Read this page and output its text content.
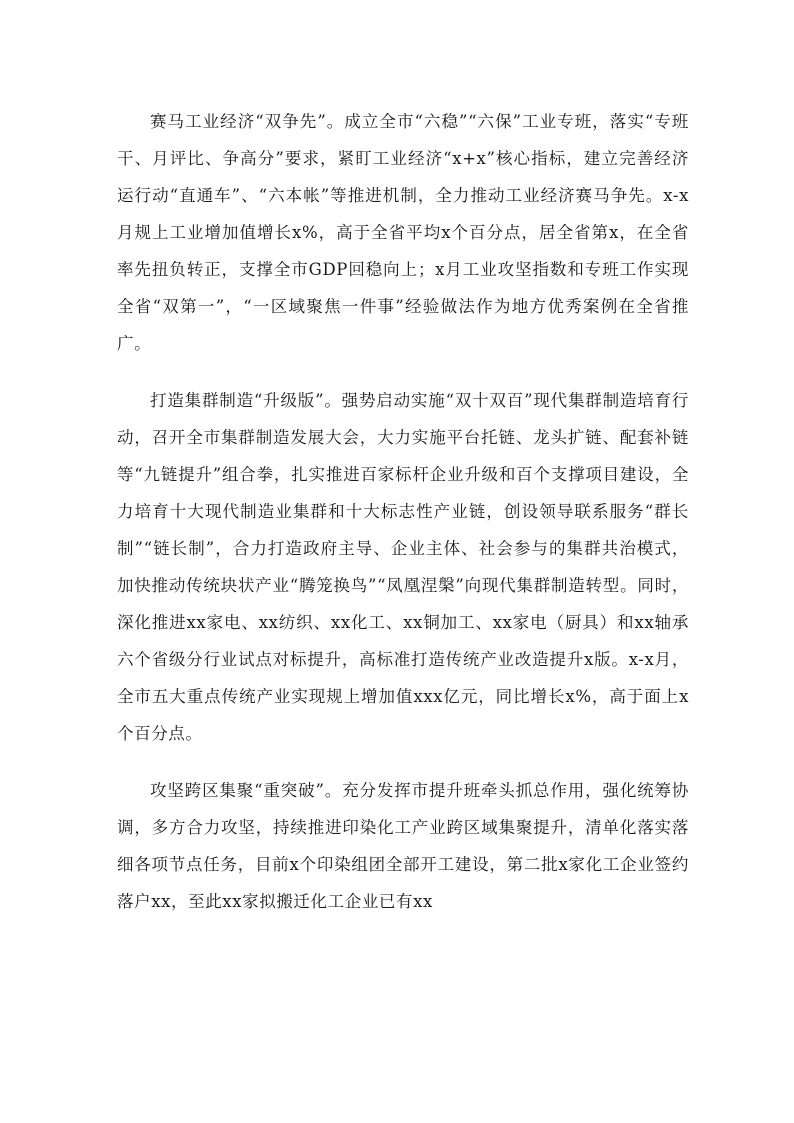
赛马工业经济“双争先”。成立全市“六稳”“六保”工业专班，落实“专班干、月评比、争高分”要求，紧盯工业经济“x+x”核心指标，建立完善经济运行动“直通车”、“六本帐”等推进机制，全力推动工业经济赛马争先。x-x月规上工业增加值增长x%，高于全省平均x个百分点，居全省第x，在全省率先扭负转正，支撑全市GDP回稳向上；x月工业攻坚指数和专班工作实现全省“双第一”，“一区域聚焦一件事”经验做法作为地方优秀案例在全省推广。

打造集群制造“升级版”。强势启动实施“双十双百”现代集群制造培育行动，召开全市集群制造发展大会，大力实施平台托链、龙头扩链、配套补链等“九链提升”组合拳，扎实推进百家标杆企业升级和百个支撑项目建设，全力培育十大现代制造业集群和十大标志性产业链，创设领导联系服务“群长制”“链长制”，合力打造政府主导、企业主体、社会参与的集群共治模式，加快推动传统块状产业“腾笼换鸟”“凤凰涅槃”向现代集群制造转型。同时，深化推进xx家电、xx纺织、xx化工、xx铜加工、xx家电（厨具）和xx轴承六个省级分行业试点对标提升，高标准打造传统产业改造提升x版。x-x月，全市五大重点传统产业实现规上增加值xxx亿元，同比增长x%，高于面上x个百分点。

攻坚跨区集聚“重突破”。充分发挥市提升班牵头抓总作用，强化统筹协调，多方合力攻坚，持续推进印染化工产业跨区域集聚提升，清单化落实落细各项节点任务，目前x个印染组团全部开工建设，第二批x家化工企业签约落户xx，至此xx家拟搬迁化工企业已有xx
